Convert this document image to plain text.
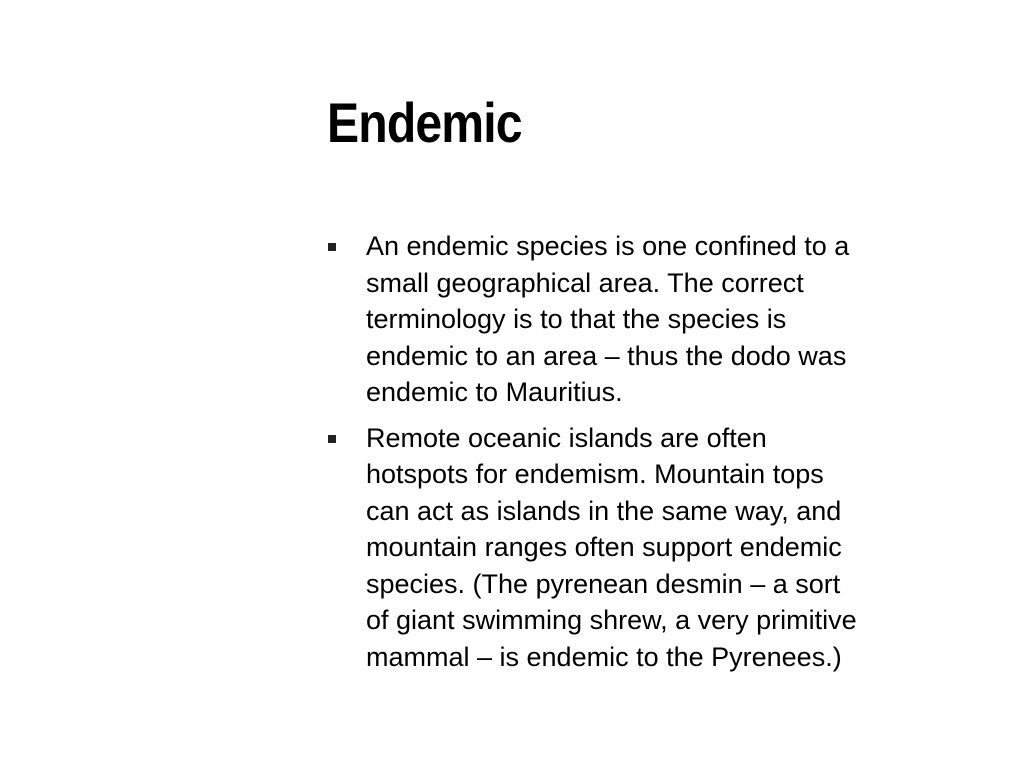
Endemic
An endemic species is one confined to a
small geographical area. The correct
terminology is to that the species is
endemic to an area – thus the dodo was
endemic to Mauritius.
Remote oceanic islands are often
hotspots for endemism. Mountain tops
can act as islands in the same way, and
mountain ranges often support endemic
species. (The pyrenean desmin – a sort
of giant swimming shrew, a very primitive
mammal – is endemic to the Pyrenees.)
